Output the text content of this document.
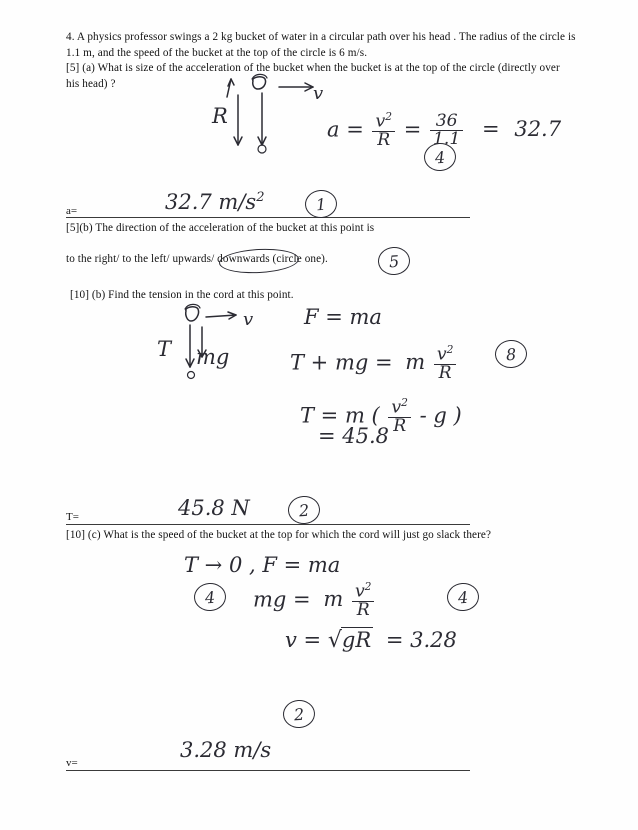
4. A physics professor swings a 2 kg bucket of water in a circular path over his head . The radius of the circle is 1.1 m, and the speed of the bucket at the top of the circle is 6 m/s.
[5] (a) What is size of the acceleration of the bucket when the bucket is at the top of the circle (directly over his head) ?
R
v
$a = \frac{v^2}{R} = \frac{36}{1.1} = 32.7$
4
a=	32.7 $m/s^2$	1
[5](b) The direction of the acceleration of the bucket at this point is
to the right/ to the left/ upwards/ downwards (circle one).	5
[10] (b) Find the tension in the cord at this point.
T mg
v F = ma
T + mg = m $\frac{v^2}{R}$
T = m ( $\frac{v^2}{R}$ - g )
= 45.8
8
T=	45.8 N	2
[10] (c) What is the speed of the bucket at the top for which the cord will just go slack there?
T → 0 , F = ma
4	mg = m $\frac{v^2}{R}$	4
v = √gR = 3.28
2
v=
3.28 m/s
